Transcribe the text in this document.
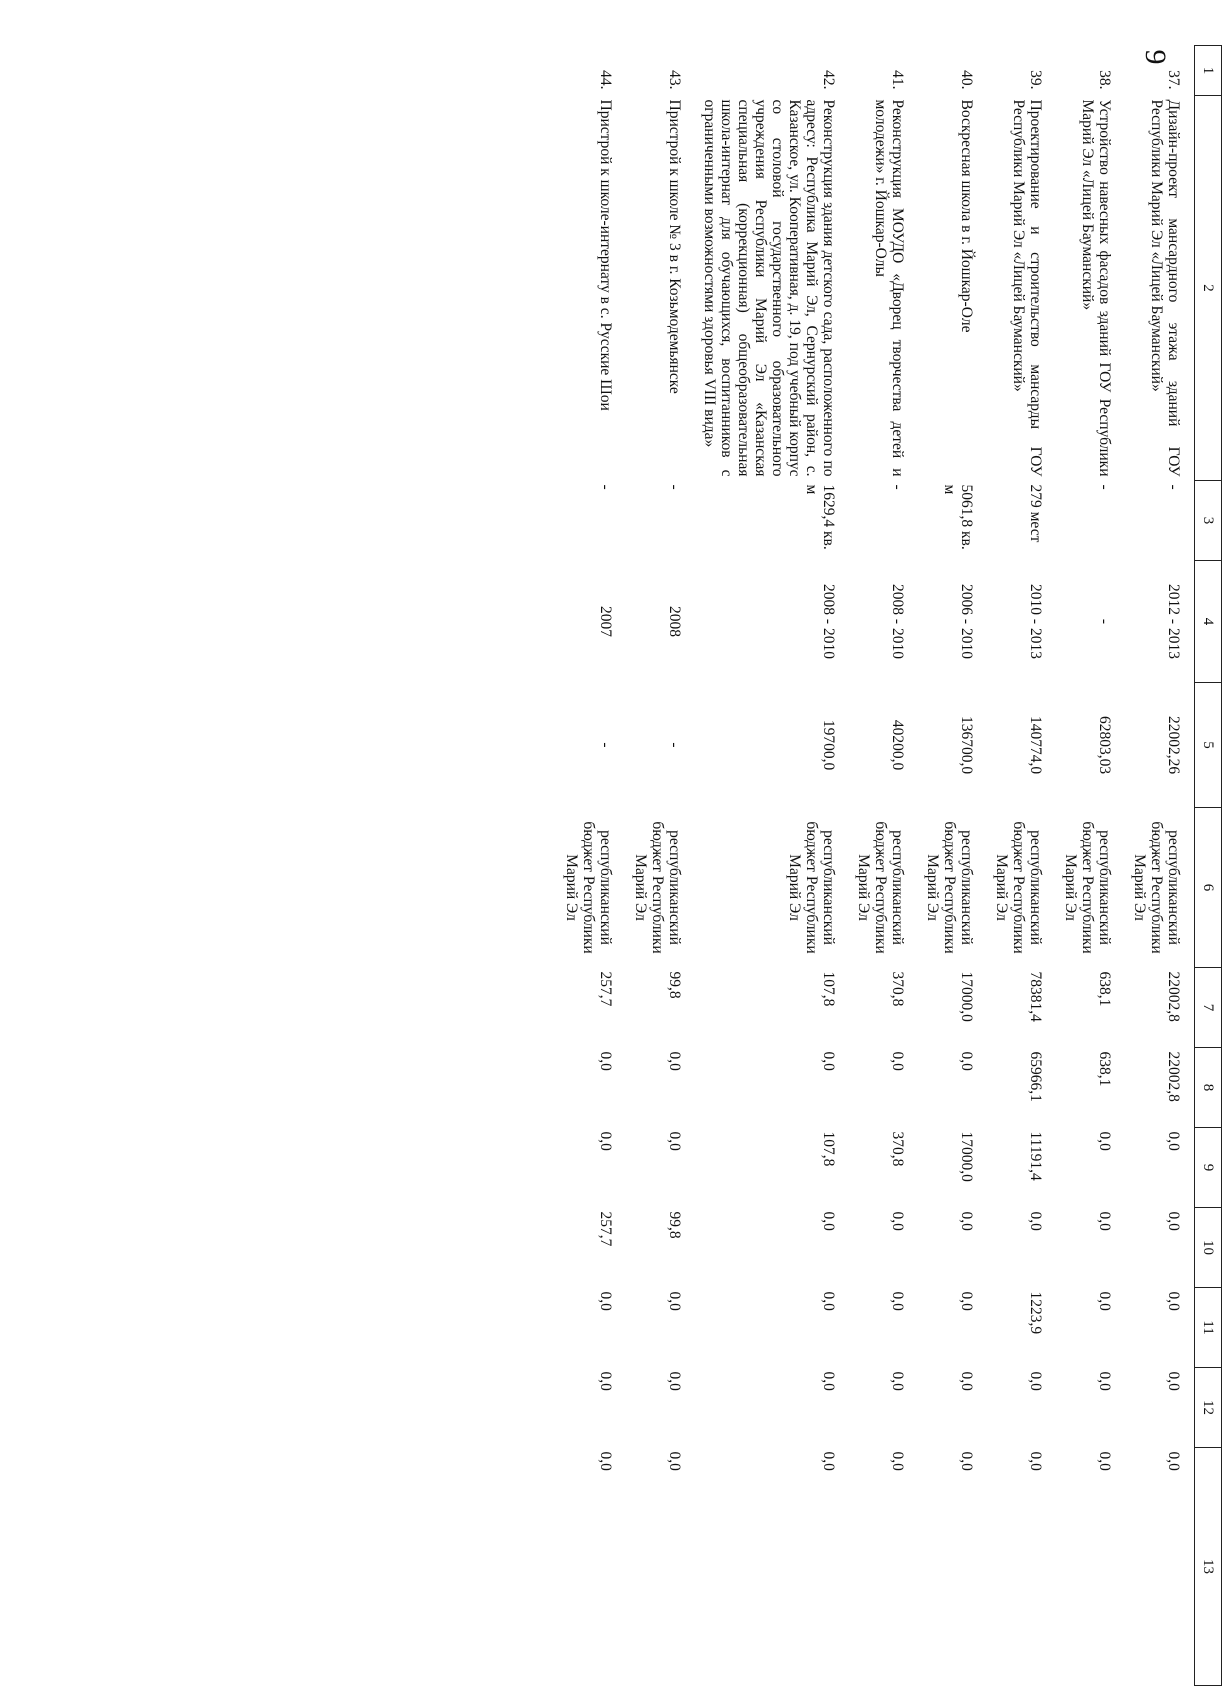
9
1	2	3	4	5	6	7	8	9	10	11	12	13
37.	Дизайн-проект мансардного этажа зданий ГОУ Республики Марий Эл «Лицей Бауманский»	-	2012 - 2013	22002,26	республиканский бюджет Республики Марий Эл	22002,8	22002,8	0,0	0,0	0,0	0,0	0,0
38.	Устройство навесных фасадов зданий ГОУ Республики Марий Эл «Лицей Бауманский»	-	-	62803,03	республиканский бюджет Республики Марий Эл	638,1	638,1	0,0	0,0	0,0	0,0	0,0
39.	Проектирование и строительство мансарды ГОУ Республики Марий Эл «Лицей Бауманский»	279 мест	2010 - 2013	140774,0	республиканский бюджет Республики Марий Эл	78381,4	65966,1	11191,4	0,0	1223,9	0,0	0,0
40.	Воскресная школа в г. Йошкар-Оле	5061,8 кв. м	2006 - 2010	136700,0	республиканский бюджет Республики Марий Эл	17000,0	0,0	17000,0	0,0	0,0	0,0	0,0
41.	Реконструкция МОУДО «Дворец творчества детей и молодежи» г. Йошкар-Олы	-	2008 - 2010	40200,0	республиканский бюджет Республики Марий Эл	370,8	0,0	370,8	0,0	0,0	0,0	0,0
42.	Реконструкция здания детского сада, расположенного по адресу: Республика Марий Эл, Сернурский район, с. Казанское, ул. Кооперативная, д. 19, под учебный корпус со столовой государственного образовательного учреждения Республики Марий Эл «Казанская специальная (коррекционная) общеобразовательная школа-интернат для обучающихся, воспитанников с ограниченными возможностями здоровья VIII вида»	1629,4 кв. м	2008 - 2010	19700,0	республиканский бюджет Республики Марий Эл	107,8	0,0	107,8	0,0	0,0	0,0	0,0
43.	Пристрой к школе № 3 в г. Козьмодемьянске	-	2008	-	республиканский бюджет Республики Марий Эл	99,8	0,0	0,0	99,8	0,0	0,0	0,0
44.	Пристрой к школе-интернату в с. Русские Шои	-	2007	-	республиканский бюджет Республики Марий Эл	257,7	0,0	0,0	257,7	0,0	0,0	0,0
